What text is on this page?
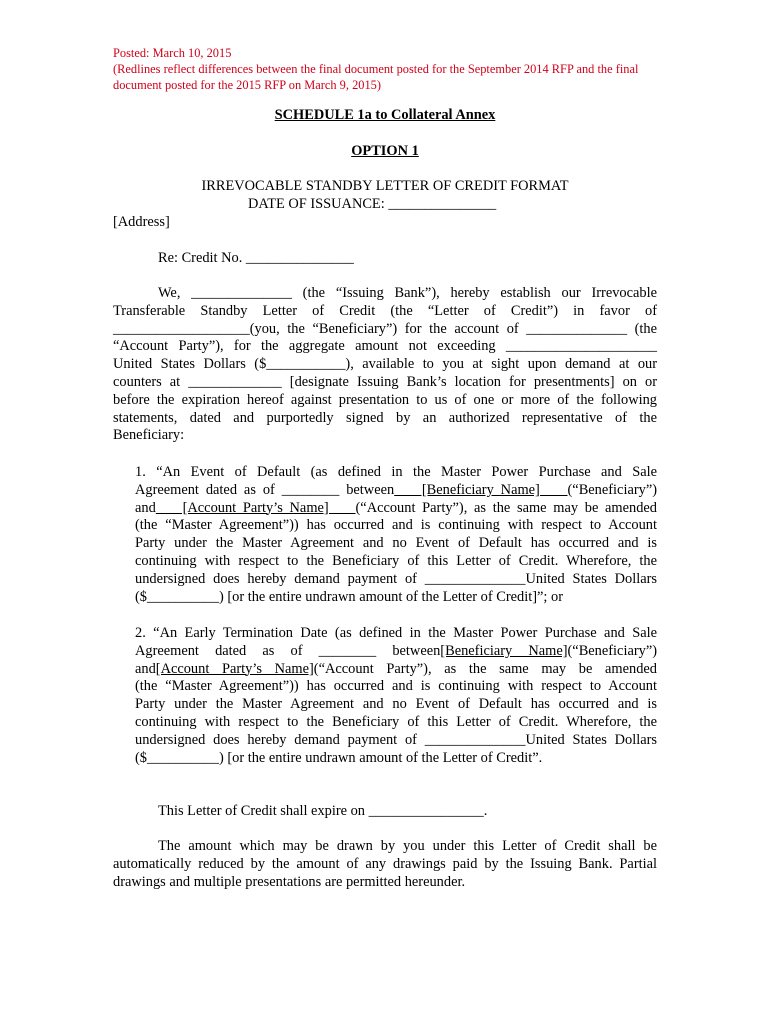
Posted: March 10, 2015
(Redlines reflect differences between the final document posted for the September 2014 RFP and the final
document posted for the 2015 RFP on March 9, 2015)
SCHEDULE 1a to Collateral Annex
OPTION 1
IRREVOCABLE STANDBY LETTER OF CREDIT FORMAT
DATE OF ISSUANCE: _______________
[Address]
Re: Credit No. _______________
We, ______________ (the “Issuing Bank”), hereby establish our Irrevocable
Transferable Standby Letter of Credit (the “Letter of Credit”) in favor of
___________________(you, the “Beneficiary”) for the account of ______________ (the
“Account Party”), for the aggregate amount not exceeding _____________________
United States Dollars ($___________), available to you at sight upon demand at our
counters at _____________ [designate Issuing Bank’s location for presentments] on or
before the expiration hereof against presentation to us of one or more of the following
statements, dated and purportedly signed by an authorized representative of the
Beneficiary:
1. “An Event of Default (as defined in the Master Power Purchase and Sale
Agreement dated as of ________ between    [Beneficiary Name]    (“Beneficiary”)
and    [Account Party’s Name]    (“Account Party”), as the same may be amended
(the “Master Agreement”)) has occurred and is continuing with respect to Account
Party under the Master Agreement and no Event of Default has occurred and is
continuing with respect to the Beneficiary of this Letter of Credit. Wherefore, the
undersigned does hereby demand payment of ______________United States Dollars
($__________) [or the entire undrawn amount of the Letter of Credit]”; or
2. “An Early Termination Date (as defined in the Master Power Purchase and Sale
Agreement dated as of ________ between[Beneficiary Name](“Beneficiary”)
and[Account Party’s Name](“Account Party”), as the same may be amended
(the “Master Agreement”)) has occurred and is continuing with respect to Account
Party under the Master Agreement and no Event of Default has occurred and is
continuing with respect to the Beneficiary of this Letter of Credit. Wherefore, the
undersigned does hereby demand payment of ______________United States Dollars
($__________) [or the entire undrawn amount of the Letter of Credit”.
This Letter of Credit shall expire on ________________.
The amount which may be drawn by you under this Letter of Credit shall be
automatically reduced by the amount of any drawings paid by the Issuing Bank. Partial
drawings and multiple presentations are permitted hereunder.
